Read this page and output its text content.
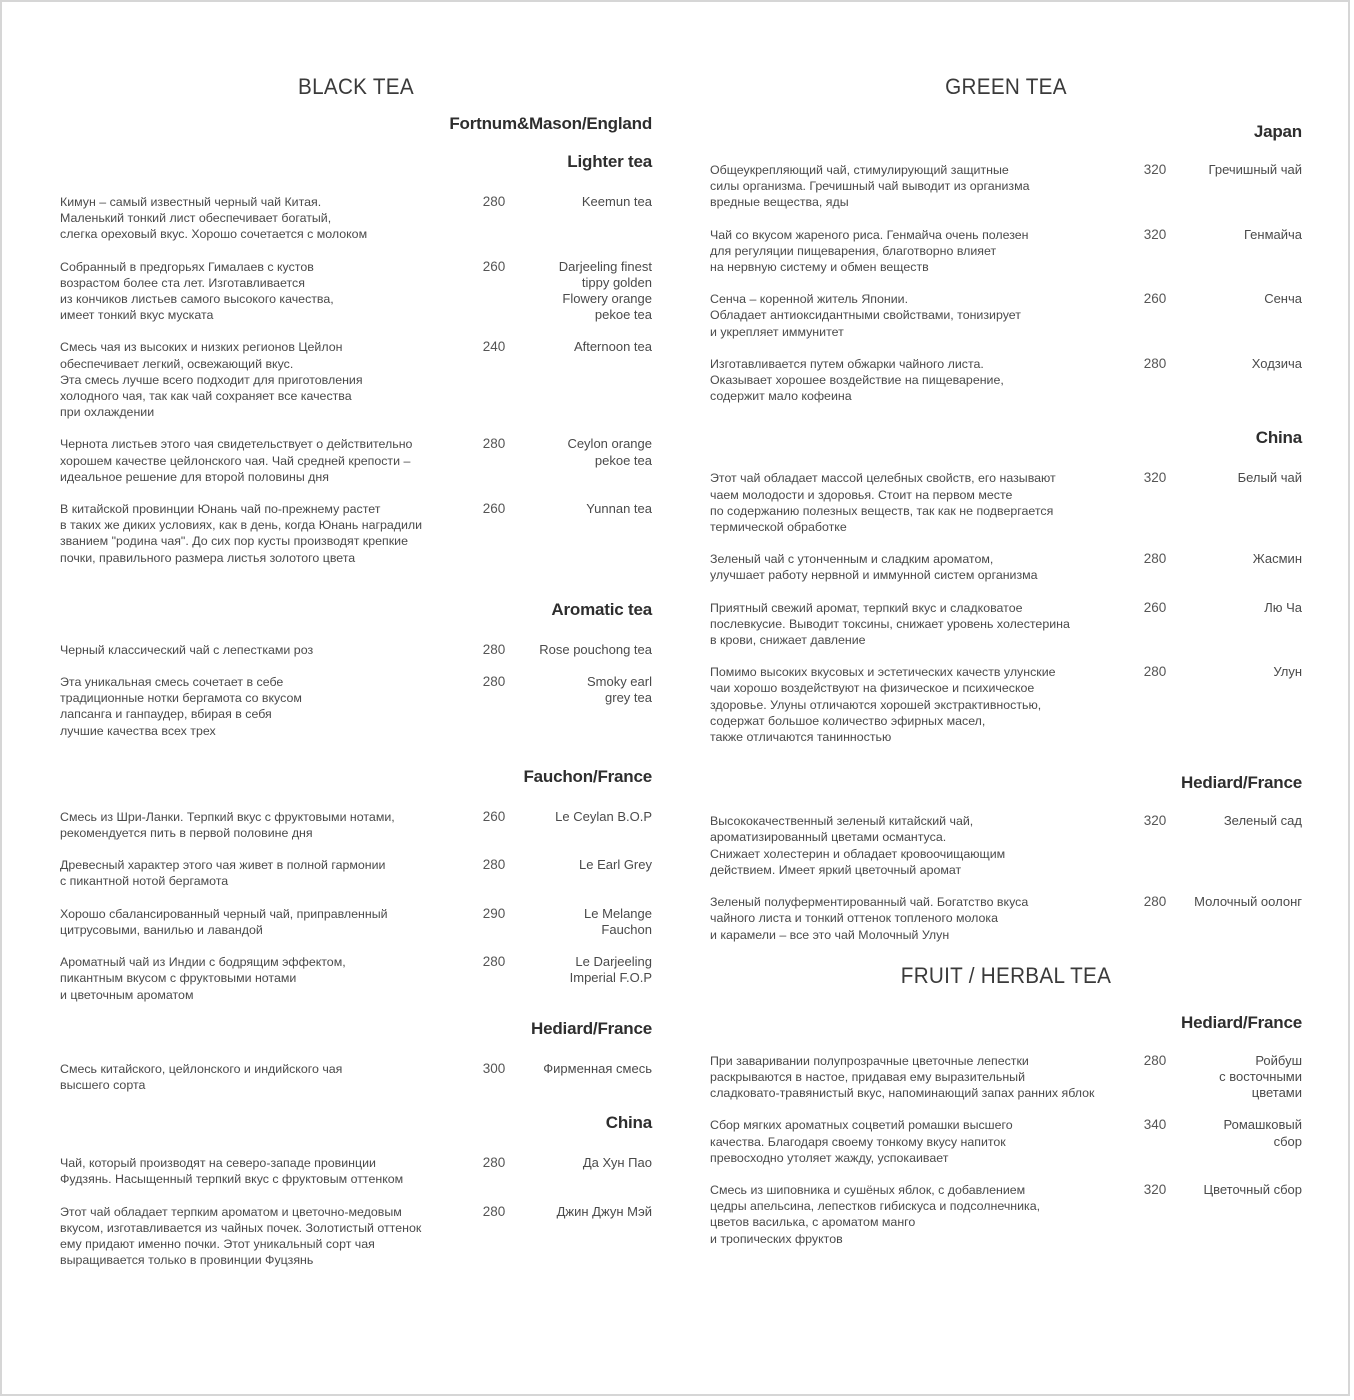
BLACK TEA
Fortnum&Mason/England
Lighter tea
Кимун – самый известный черный чай Китая.
Маленький тонкий лист обеспечивает богатый,
слегка ореховый вкус. Хорошо сочетается с молоком
280	Keemun tea
Собранный в предгорьях Гималаев с кустов
возрастом более ста лет. Изготавливается
из кончиков листьев самого высокого качества,
имеет тонкий вкус муската
260	Darjeeling finest
tippy golden
Flowery orange
pekoe tea
Смесь чая из высоких и низких регионов Цейлон
обеспечивает легкий, освежающий вкус.
Эта смесь лучше всего подходит для приготовления
холодного чая, так как чай сохраняет все качества
при охлаждении
240	Afternoon tea
Чернота листьев этого чая свидетельствует о действительно
хорошем качестве цейлонского чая. Чай средней крепости –
идеальное решение для второй половины дня
280	Ceylon orange
pekoe tea
В китайской провинции Юнань чай по-прежнему растет
в таких же диких условиях, как в день, когда Юнань наградили
званием "родина чая". До сих пор кусты производят крепкие
почки, правильного размера листья золотого цвета
260	Yunnan tea
Aromatic tea
Черный классический чай с лепестками роз	280	Rose pouchong tea
Эта уникальная смесь сочетает в себе
традиционные нотки бергамота со вкусом
лапсанга и ганпаудер, вбирая в себя
лучшие качества всех трех
280	Smoky earl
grey tea
Fauchon/France
Смесь из Шри-Ланки. Терпкий вкус с фруктовыми нотами,
рекомендуется пить в первой половине дня
260	Le Ceylan B.O.P
Древесный характер этого чая живет в полной гармонии
с пикантной нотой бергамота
280	Le Earl Grey
Хорошо сбалансированный черный чай, приправленный
цитрусовыми, ванилью и лавандой
290	Le Melange
Fauchon
Ароматный чай из Индии с бодрящим эффектом,
пикантным вкусом с фруктовыми нотами
и цветочным ароматом
280	Le Darjeeling
Imperial F.O.P
Hediard/France
Смесь китайского, цейлонского и индийского чая
высшего сорта
300	Фирменная смесь
China
Чай, который производят на северо-западе провинции
Фудзянь. Насыщенный терпкий вкус с фруктовым оттенком
280	Да Хун Пао
Этот чай обладает терпким ароматом и цветочно-медовым
вкусом, изготавливается из чайных почек. Золотистый оттенок
ему придают именно почки. Этот уникальный сорт чая
выращивается только в провинции Фуцзянь
280	Джин Джун Мэй
GREEN TEA
Japan
Общеукрепляющий чай, стимулирующий защитные
силы организма. Гречишный чай выводит из организма
вредные вещества, яды
320	Гречишный чай
Чай со вкусом жареного риса. Генмайча очень полезен
для регуляции пищеварения, благотворно влияет
на нервную систему и обмен веществ
320	Генмайча
Сенча – коренной житель Японии.
Обладает антиоксидантными свойствами, тонизирует
и укрепляет иммунитет
260	Сенча
Изготавливается путем обжарки чайного листа.
Оказывает хорошее воздействие на пищеварение,
содержит мало кофеина
280	Ходзича
China
Этот чай обладает массой целебных свойств, его называют
чаем молодости и здоровья. Стоит на первом месте
по содержанию полезных веществ, так как не подвергается
термической обработке
320	Белый чай
Зеленый чай с утонченным и сладким ароматом,
улучшает работу нервной и иммунной систем организма
280	Жасмин
Приятный свежий аромат, терпкий вкус и сладковатое
послевкусие. Выводит токсины, снижает уровень холестерина
в крови, снижает давление
260	Лю Ча
Помимо высоких вкусовых и эстетических качеств улунские
чаи хорошо воздействуют на физическое и психическое
здоровье. Улуны отличаются хорошей экстрактивностью,
содержат большое количество эфирных масел,
также отличаются танинностью
280	Улун
Hediard/France
Высококачественный зеленый китайский чай,
ароматизированный цветами османтуса.
Снижает холестерин и обладает кровоочищающим
действием. Имеет яркий цветочный аромат
320	Зеленый сад
Зеленый полуферментированный чай. Богатство вкуса
чайного листа и тонкий оттенок топленого молока
и карамели – все это чай Молочный Улун
280	Молочный оолонг
FRUIT / HERBAL TEA
Hediard/France
При заваривании полупрозрачные цветочные лепестки
раскрываются в настое, придавая ему выразительный
сладковато-травянистый вкус, напоминающий запах ранних яблок
280	Ройбуш
с восточными
цветами
Сбор мягких ароматных соцветий ромашки высшего
качества. Благодаря своему тонкому вкусу напиток
превосходно утоляет жажду, успокаивает
340	Ромашковый
сбор
Смесь из шиповника и сушёных яблок, с добавлением
цедры апельсина, лепестков гибискуса и подсолнечника,
цветов василька, с ароматом манго
и тропических фруктов
320	Цветочный сбор
